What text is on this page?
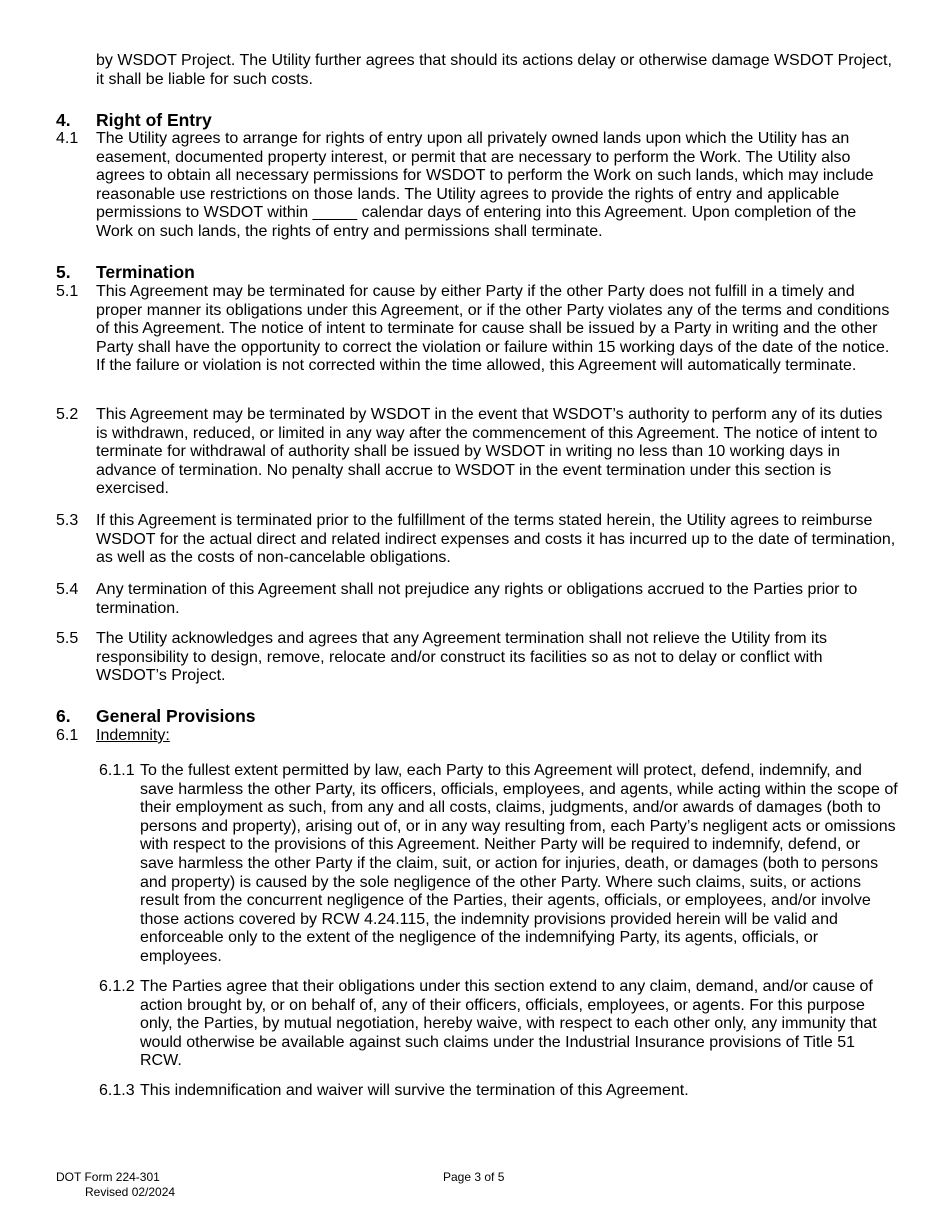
by WSDOT Project. The Utility further agrees that should its actions delay or otherwise damage WSDOT Project, it shall be liable for such costs.

4. Right of Entry
4.1 The Utility agrees to arrange for rights of entry upon all privately owned lands upon which the Utility has an easement, documented property interest, or permit that are necessary to perform the Work. The Utility also agrees to obtain all necessary permissions for WSDOT to perform the Work on such lands, which may include reasonable use restrictions on those lands. The Utility agrees to provide the rights of entry and applicable permissions to WSDOT within _____ calendar days of entering into this Agreement. Upon completion of the Work on such lands, the rights of entry and permissions shall terminate.

5. Termination
5.1 This Agreement may be terminated for cause by either Party if the other Party does not fulfill in a timely and proper manner its obligations under this Agreement, or if the other Party violates any of the terms and conditions of this Agreement. The notice of intent to terminate for cause shall be issued by a Party in writing and the other Party shall have the opportunity to correct the violation or failure within 15 working days of the date of the notice. If the failure or violation is not corrected within the time allowed, this Agreement will automatically terminate.

5.2 This Agreement may be terminated by WSDOT in the event that WSDOT’s authority to perform any of its duties is withdrawn, reduced, or limited in any way after the commencement of this Agreement. The notice of intent to terminate for withdrawal of authority shall be issued by WSDOT in writing no less than 10 working days in advance of termination. No penalty shall accrue to WSDOT in the event termination under this section is exercised.

5.3 If this Agreement is terminated prior to the fulfillment of the terms stated herein, the Utility agrees to reimburse WSDOT for the actual direct and related indirect expenses and costs it has incurred up to the date of termination, as well as the costs of non-cancelable obligations.

5.4 Any termination of this Agreement shall not prejudice any rights or obligations accrued to the Parties prior to termination.

5.5 The Utility acknowledges and agrees that any Agreement termination shall not relieve the Utility from its responsibility to design, remove, relocate and/or construct its facilities so as not to delay or conflict with WSDOT’s Project.

6. General Provisions
6.1 Indemnity:
6.1.1 To the fullest extent permitted by law, each Party to this Agreement will protect, defend, indemnify, and save harmless the other Party, its officers, officials, employees, and agents, while acting within the scope of their employment as such, from any and all costs, claims, judgments, and/or awards of damages (both to persons and property), arising out of, or in any way resulting from, each Party’s negligent acts or omissions with respect to the provisions of this Agreement. Neither Party will be required to indemnify, defend, or save harmless the other Party if the claim, suit, or action for injuries, death, or damages (both to persons and property) is caused by the sole negligence of the other Party. Where such claims, suits, or actions result from the concurrent negligence of the Parties, their agents, officials, or employees, and/or involve those actions covered by RCW 4.24.115, the indemnity provisions provided herein will be valid and enforceable only to the extent of the negligence of the indemnifying Party, its agents, officials, or employees.

6.1.2 The Parties agree that their obligations under this section extend to any claim, demand, and/or cause of action brought by, or on behalf of, any of their officers, officials, employees, or agents. For this purpose only, the Parties, by mutual negotiation, hereby waive, with respect to each other only, any immunity that would otherwise be available against such claims under the Industrial Insurance provisions of Title 51 RCW.

6.1.3 This indemnification and waiver will survive the termination of this Agreement.

DOT Form 224-301
Revised 02/2024
Page 3 of 5
